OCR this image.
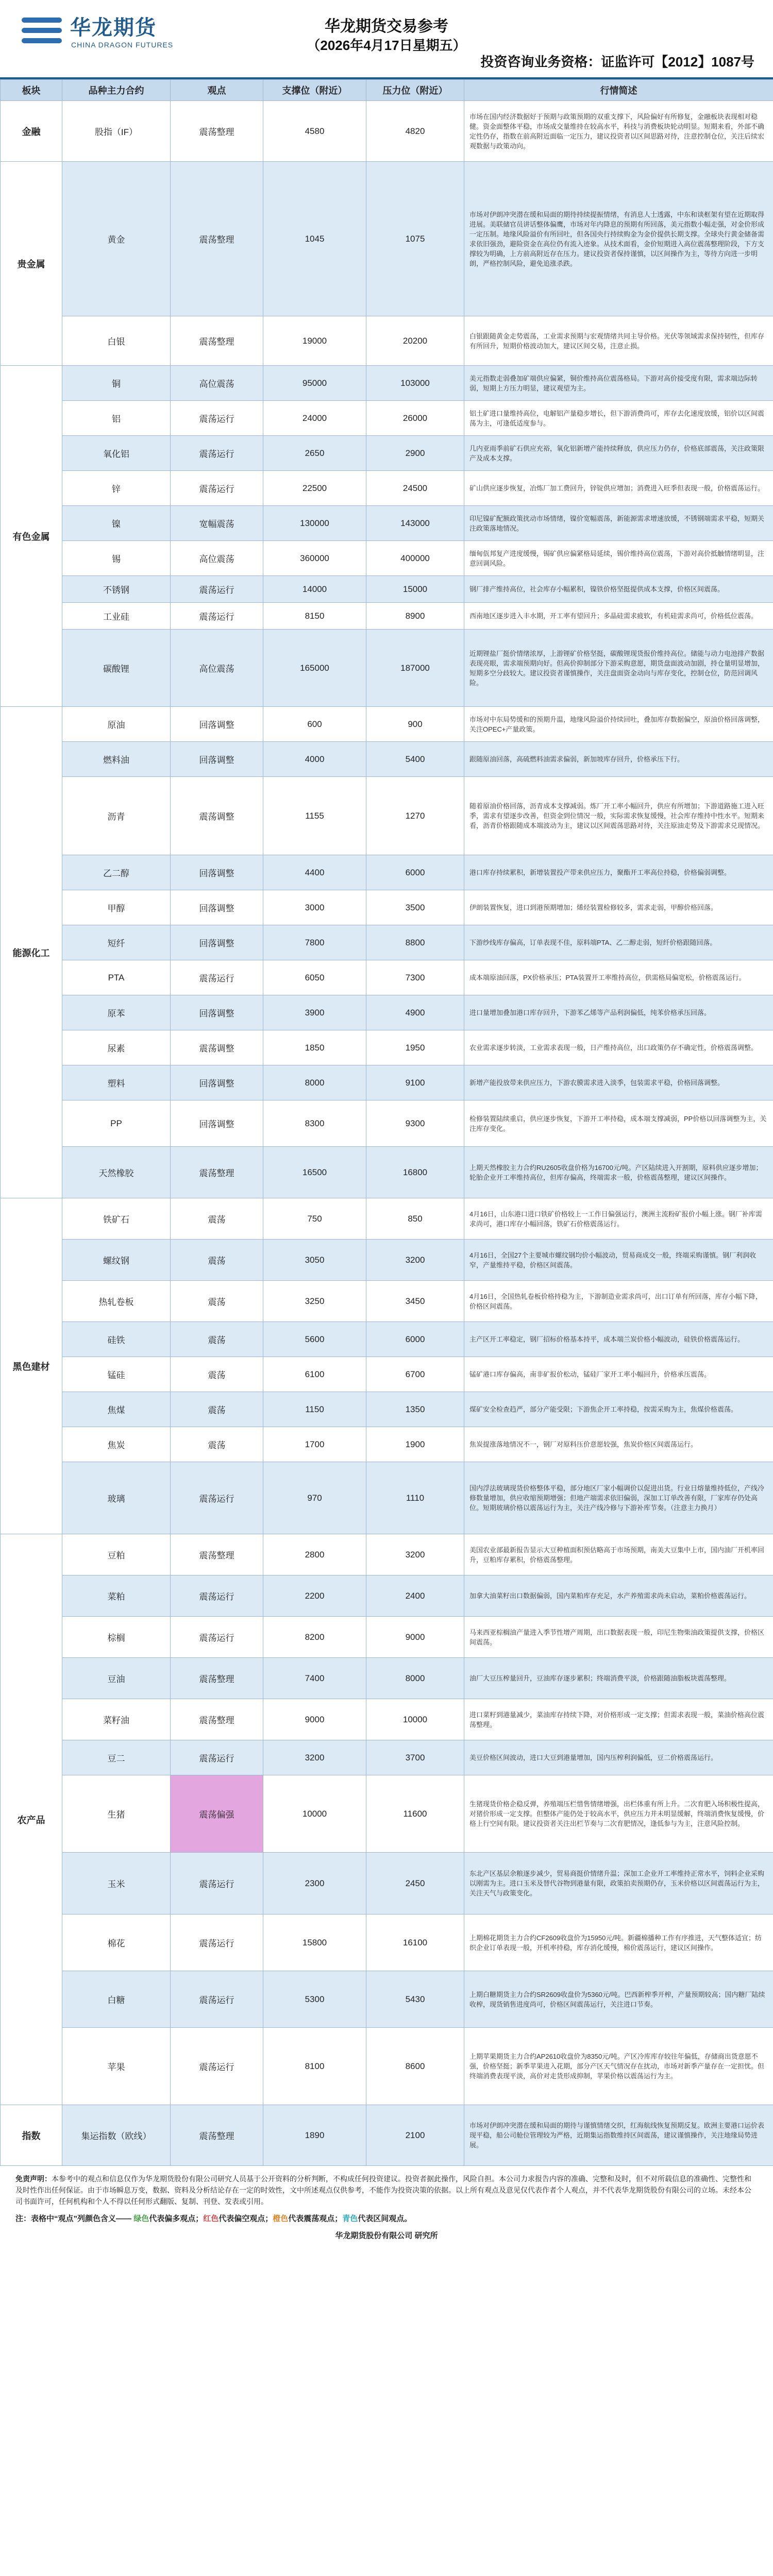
华龙期货
CHINA DRAGON FUTURES
华龙期货交易参考
（2026年4月17日星期五）
投资咨询业务资格：证监许可【2012】1087号
板块	品种主力合约	观点	支撑位（附近）	压力位（附近）	行情简述
金融	股指（IF）	震荡整理	4580	4820	市场在国内经济数据好于预期与政策预期的双重支撑下，风险偏好有所修复，金融板块表现相对稳健。资金面整体平稳，市场成交量维持在较高水平，科技与消费板块轮动明显。短期来看，外部不确定性仍存，指数在前高附近面临一定压力，建议投资者以区间思路对待，注意控制仓位，关注后续宏观数据与政策动向。
贵金属	黄金	震荡整理	1045	1075	市场对伊朗冲突潜在缓和局面的期待持续提振情绪，有消息人士透露，中东和谈框架有望在近期取得进展。美联储官员讲话整体偏鹰，市场对年内降息的预期有所回落，美元指数小幅走强，对金价形成一定压制。地缘风险溢价有所回吐，但各国央行持续购金为金价提供长期支撑。全球央行黄金储备需求依旧强劲，避险资金在高位仍有流入迹象。从技术面看，金价短期进入高位震荡整理阶段，下方支撑较为明确，上方前高附近存在压力。建议投资者保持谨慎，以区间操作为主，等待方向进一步明朗，严格控制风险，避免追涨杀跌。
	白银	震荡整理	19000	20200	白银跟随黄金走势震荡，工业需求预期与宏观情绪共同主导价格。光伏等领域需求保持韧性，但库存有所回升，短期价格波动加大，建议区间交易，注意止损。
有色金属	铜	高位震荡	95000	103000	美元指数走弱叠加矿端供应偏紧，铜价维持高位震荡格局。下游对高价接受度有限，需求端边际转弱，短期上方压力明显，建议观望为主。
	铝	震荡运行	24000	26000	铝土矿进口量维持高位，电解铝产量稳步增长，但下游消费尚可，库存去化速度放缓，铝价以区间震荡为主，可逢低适度参与。
	氧化铝	震荡运行	2650	2900	几内亚雨季前矿石供应充裕，氧化铝新增产能持续释放，供应压力仍存，价格底部震荡，关注政策限产及成本支撑。
	锌	震荡运行	22500	24500	矿山供应逐步恢复，冶炼厂加工费回升，锌锭供应增加；消费进入旺季但表现一般，价格震荡运行。
	镍	宽幅震荡	130000	143000	印尼镍矿配额政策扰动市场情绪，镍价宽幅震荡，新能源需求增速放缓，不锈钢端需求平稳，短期关注政策落地情况。
	锡	高位震荡	360000	400000	缅甸佤邦复产进度缓慢，锡矿供应偏紧格局延续，锡价维持高位震荡，下游对高价抵触情绪明显，注意回调风险。
	不锈钢	震荡运行	14000	15000	钢厂排产维持高位，社会库存小幅累积，镍铁价格坚挺提供成本支撑，价格区间震荡。
	工业硅	震荡运行	8150	8900	西南地区逐步进入丰水期，开工率有望回升；多晶硅需求疲软，有机硅需求尚可，价格低位震荡。
	碳酸锂	高位震荡	165000	187000	近期锂盐厂挺价情绪浓厚，上游锂矿价格坚挺，碳酸锂现货报价维持高位。储能与动力电池排产数据表现亮眼，需求端预期向好。但高价抑制部分下游采购意愿，期货盘面波动加剧，持仓量明显增加，短期多空分歧较大。建议投资者谨慎操作，关注盘面资金动向与库存变化，控制仓位，防范回调风险。
能源化工	原油	回落调整	600	900	市场对中东局势缓和的预期升温，地缘风险溢价持续回吐，叠加库存数据偏空，原油价格回落调整，关注OPEC+产量政策。
	燃料油	回落调整	4000	5400	跟随原油回落，高硫燃料油需求偏弱，新加坡库存回升，价格承压下行。
	沥青	震荡调整	1155	1270	随着原油价格回落，沥青成本支撑减弱。炼厂开工率小幅回升，供应有所增加；下游道路施工进入旺季，需求有望逐步改善，但资金到位情况一般，实际需求恢复缓慢，社会库存维持中性水平。短期来看，沥青价格跟随成本端波动为主，建议以区间震荡思路对待，关注原油走势及下游需求兑现情况。
	乙二醇	回落调整	4400	6000	港口库存持续累积，新增装置投产带来供应压力，聚酯开工率高位持稳，价格偏弱调整。
	甲醇	回落调整	3000	3500	伊朗装置恢复，进口到港预期增加；烯烃装置检修较多，需求走弱，甲醇价格回落。
	短纤	回落调整	7800	8800	下游纱线库存偏高，订单表现不佳，原料端PTA、乙二醇走弱，短纤价格跟随回落。
	PTA	震荡运行	6050	7300	成本端原油回落，PX价格承压；PTA装置开工率维持高位，供需格局偏宽松，价格震荡运行。
	原苯	回落调整	3900	4900	进口量增加叠加港口库存回升，下游苯乙烯等产品利润偏低，纯苯价格承压回落。
	尿素	震荡调整	1850	1950	农业需求逐步转淡，工业需求表现一般，日产维持高位，出口政策仍存不确定性，价格震荡调整。
	塑料	回落调整	8000	9100	新增产能投放带来供应压力，下游农膜需求进入淡季，包装需求平稳，价格回落调整。
	PP	回落调整	8300	9300	检修装置陆续重启，供应逐步恢复，下游开工率持稳，成本端支撑减弱，PP价格以回落调整为主，关注库存变化。
	天然橡胶	震荡整理	16500	16800	上期天然橡胶主力合约RU2605收盘价格为16700元/吨。产区陆续进入开割期，原料供应逐步增加；轮胎企业开工率维持高位，但库存偏高，终端需求一般，价格震荡整理，建议区间操作。
黑色建材	铁矿石	震荡	750	850	4月16日，山东港口进口铁矿价格较上一工作日偏强运行，澳洲主流粉矿报价小幅上涨。钢厂补库需求尚可，港口库存小幅回落，铁矿石价格震荡运行。
	螺纹钢	震荡	3050	3200	4月16日，全国27个主要城市螺纹钢均价小幅波动，贸易商成交一般，终端采购谨慎。钢厂利润收窄，产量维持平稳，价格区间震荡。
	热轧卷板	震荡	3250	3450	4月16日，全国热轧卷板价格持稳为主，下游制造业需求尚可，出口订单有所回落，库存小幅下降，价格区间震荡。
	硅铁	震荡	5600	6000	主产区开工率稳定，钢厂招标价格基本持平，成本端兰炭价格小幅波动，硅铁价格震荡运行。
	锰硅	震荡	6100	6700	锰矿港口库存偏高，南非矿报价松动，锰硅厂家开工率小幅回升，价格承压震荡。
	焦煤	震荡	1150	1350	煤矿安全检查趋严，部分产能受限；下游焦企开工率持稳，按需采购为主，焦煤价格震荡。
	焦炭	震荡	1700	1900	焦炭提涨落地情况不一，钢厂对原料压价意愿较强，焦炭价格区间震荡运行。
	玻璃	震荡运行	970	1110	国内浮法玻璃现货价格整体平稳，部分地区厂家小幅调价以促进出货。行业日熔量维持低位，产线冷修数量增加，供应收缩预期增强；但地产端需求依旧偏弱，深加工订单改善有限，厂家库存仍处高位。短期玻璃价格以震荡运行为主，关注产线冷修与下游补库节奏。（注意主力换月）
农产品	豆粕	震荡整理	2800	3200	美国农业部最新报告显示大豆种植面积预估略高于市场预期，南美大豆集中上市，国内油厂开机率回升，豆粕库存累积，价格震荡整理。
	菜粕	震荡运行	2200	2400	加拿大油菜籽出口数据偏弱，国内菜粕库存充足，水产养殖需求尚未启动，菜粕价格震荡运行。
	棕榈	震荡运行	8200	9000	马来西亚棕榈油产量进入季节性增产周期，出口数据表现一般，印尼生物柴油政策提供支撑，价格区间震荡。
	豆油	震荡整理	7400	8000	油厂大豆压榨量回升，豆油库存逐步累积；终端消费平淡，价格跟随油脂板块震荡整理。
	菜籽油	震荡整理	9000	10000	进口菜籽到港量减少，菜油库存持续下降，对价格形成一定支撑；但需求表现一般，菜油价格高位震荡整理。
	豆二	震荡运行	3200	3700	美豆价格区间波动，进口大豆到港量增加，国内压榨利润偏低，豆二价格震荡运行。
	生猪	震荡偏强	10000	11600	生猪现货价格企稳反弹，养殖端压栏惜售情绪增强，出栏体重有所上升。二次育肥入场积极性提高，对猪价形成一定支撑。但整体产能仍处于较高水平，供应压力并未明显缓解，终端消费恢复缓慢，价格上行空间有限。建议投资者关注出栏节奏与二次育肥情况，逢低参与为主，注意风险控制。
	玉米	震荡运行	2300	2450	东北产区基层余粮逐步减少，贸易商挺价情绪升温；深加工企业开工率维持正常水平，饲料企业采购以刚需为主。进口玉米及替代谷物到港量有限，政策拍卖预期仍存，玉米价格以区间震荡运行为主，关注天气与政策变化。
	棉花	震荡运行	15800	16100	上期棉花期货主力合约CF2609收盘价为15950元/吨。新疆棉播种工作有序推进，天气整体适宜；纺织企业订单表现一般，开机率持稳，库存消化缓慢，棉价震荡运行，建议区间操作。
	白糖	震荡运行	5300	5430	上期白糖期货主力合约SR2609收盘价为5360元/吨。巴西新榨季开榨，产量预期较高；国内糖厂陆续收榨，现货销售进度尚可，价格区间震荡运行，关注进口节奏。
	苹果	震荡运行	8100	8600	上期苹果期货主力合约AP2610收盘价为8350元/吨。产区冷库库存较往年偏低，存储商出货意愿不强，价格坚挺；新季苹果进入花期，部分产区天气情况存在扰动，市场对新季产量存在一定担忧。但终端消费表现平淡，高价对走货形成抑制，苹果价格以震荡运行为主。
指数	集运指数（欧线）	震荡整理	1890	2100	市场对伊朗冲突潜在缓和局面的期待与谨慎情绪交织，红海航线恢复预期反复。欧洲主要港口运价表现平稳，船公司舱位管理较为严格，近期集运指数维持区间震荡，建议谨慎操作，关注地缘局势进展。
免责声明：本参考中的观点和信息仅作为华龙期货股份有限公司研究人员基于公开资料的分析判断，不构成任何投资建议。投资者据此操作，风险自担。本公司力求报告内容的准确、完整和及时，但不对所载信息的准确性、完整性和及时性作出任何保证。由于市场瞬息万变，数据、资料及分析结论存在一定的时效性，文中所述观点仅供参考，不能作为投资决策的依据。以上所有观点及意见仅代表作者个人观点，并不代表华龙期货股份有限公司的立场。未经本公司书面许可，任何机构和个人不得以任何形式翻版、复制、刊登、发表或引用。
注：表格中“观点”列颜色含义—— 绿色代表偏多观点；红色代表偏空观点；橙色代表震荡观点；青色代表区间观点。
华龙期货股份有限公司 研究所
